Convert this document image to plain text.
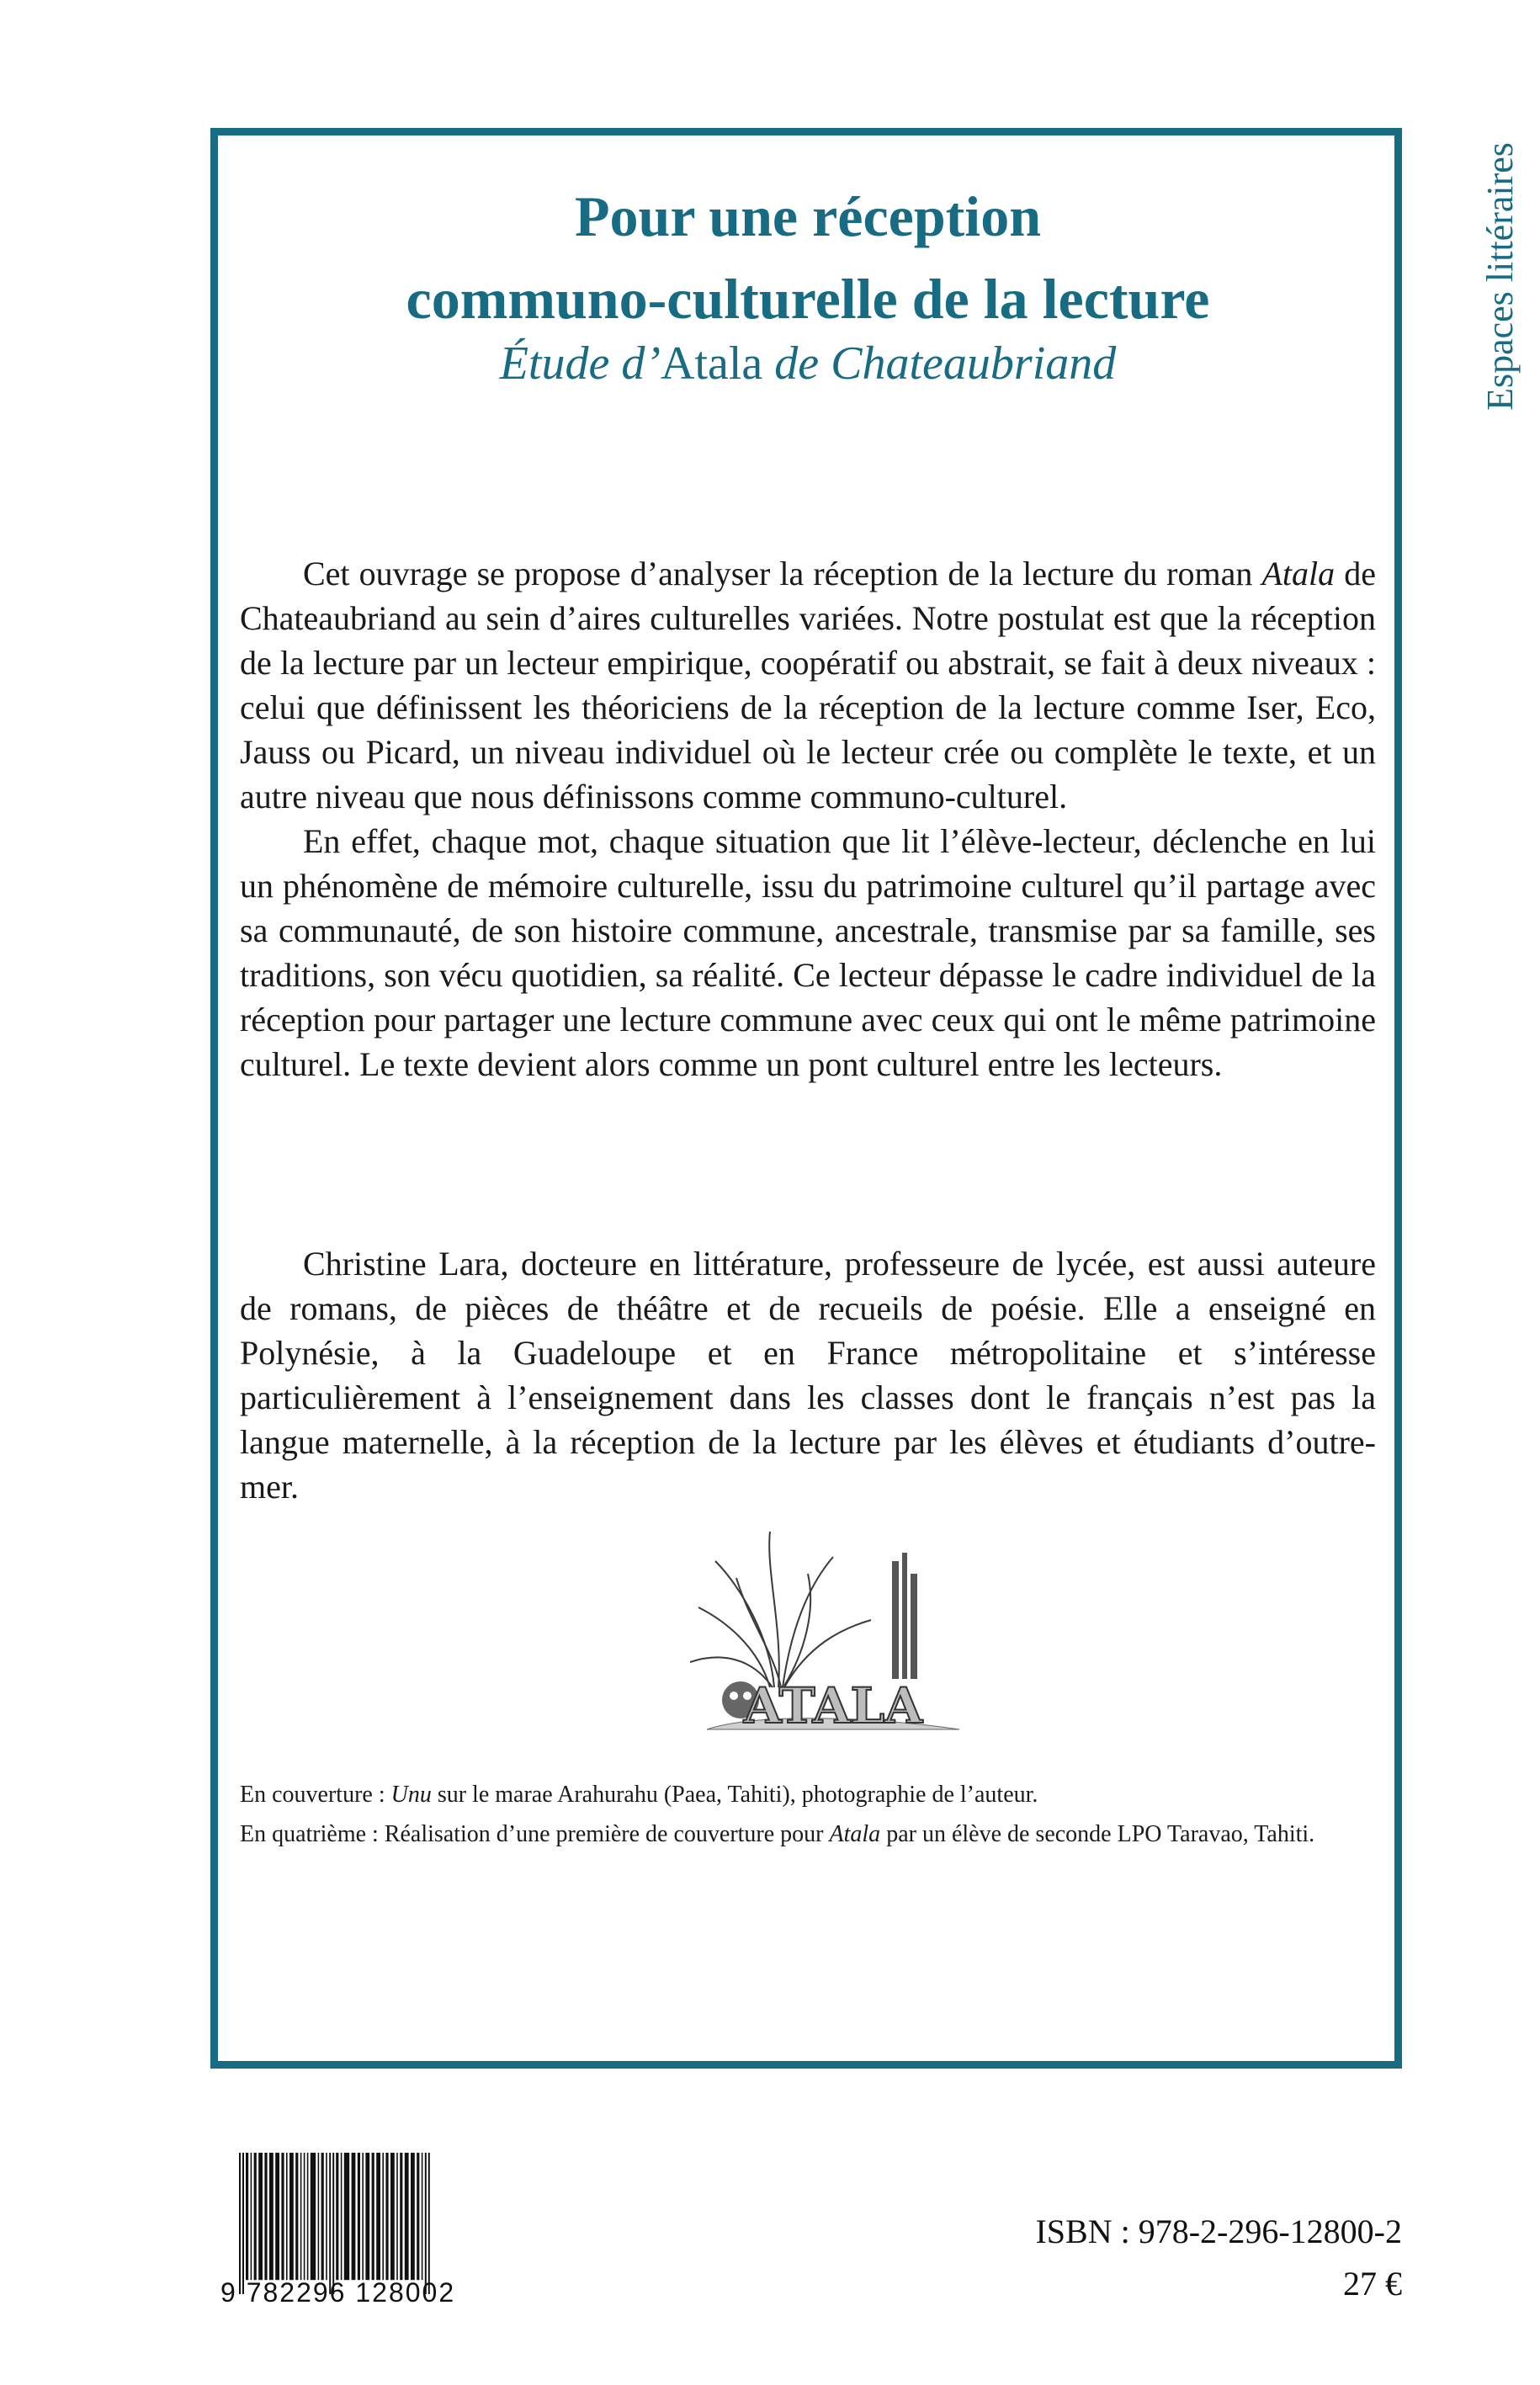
Espaces littéraires
Pour une réception
communo-culturelle de la lecture
Étude d’Atala de Chateaubriand

Cet ouvrage se propose d’analyser la réception de la lecture du roman Atala de Chateaubriand au sein d’aires culturelles variées. Notre postulat est que la réception de la lecture par un lecteur empirique, coopératif ou abstrait, se fait à deux niveaux : celui que définissent les théoriciens de la réception de la lecture comme Iser, Eco, Jauss ou Picard, un niveau individuel où le lecteur crée ou complète le texte, et un autre niveau que nous définissons comme communo-culturel.

En effet, chaque mot, chaque situation que lit l’élève-lecteur, déclenche en lui un phénomène de mémoire culturelle, issu du patrimoine culturel qu’il partage avec sa communauté, de son histoire commune, ancestrale, transmise par sa famille, ses traditions, son vécu quotidien, sa réalité. Ce lecteur dépasse le cadre individuel de la réception pour partager une lecture commune avec ceux qui ont le même patrimoine culturel. Le texte devient alors comme un pont culturel entre les lecteurs.

Christine Lara, docteure en littérature, professeure de lycée, est aussi auteure de romans, de pièces de théâtre et de recueils de poésie. Elle a enseigné en Polynésie, à la Guadeloupe et en France métropolitaine et s’intéresse particulièrement à l’enseignement dans les classes dont le français n’est pas la langue maternelle, à la réception de la lecture par les élèves et étudiants d’outre-mer.

ATALA

En couverture : Unu sur le marae Arahurahu (Paea, Tahiti), photographie de l’auteur.

En quatrième : Réalisation d’une première de couverture pour Atala par un élève de seconde LPO Taravao, Tahiti.

9 782296 128002
ISBN : 978-2-296-12800-2
27 €
